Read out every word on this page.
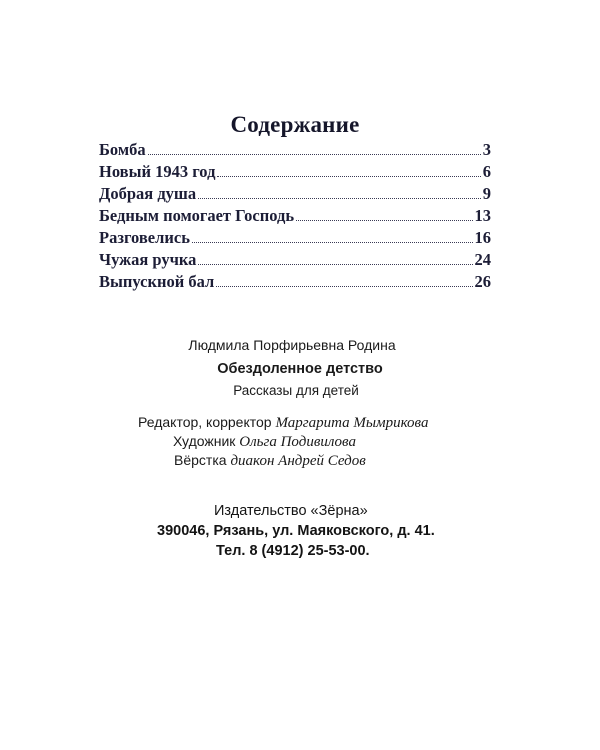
Содержание
Бомба	3
Новый 1943 год	6
Добрая душа	9
Бедным помогает Господь	13
Разговелись	16
Чужая ручка	24
Выпускной бал	26
Людмила Порфирьевна Родина
Обездоленное детство
Рассказы для детей
Редактор, корректор Маргарита Мымрикова
Художник Ольга Подивилова
Вёрстка диакон Андрей Седов
Издательство «Зёрна»
390046, Рязань, ул. Маяковского, д. 41.
Тел. 8 (4912) 25-53-00.
